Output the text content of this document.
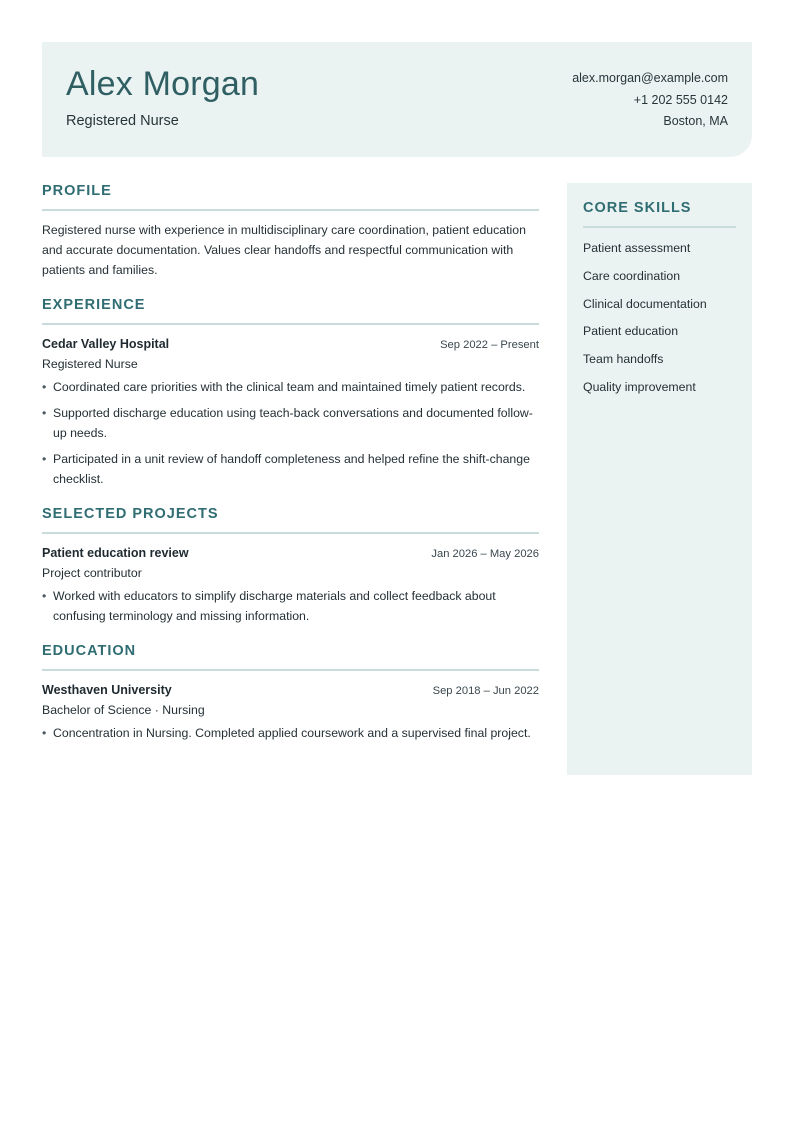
Alex Morgan
Registered Nurse
alex.morgan@example.com
+1 202 555 0142
Boston, MA
PROFILE
Registered nurse with experience in multidisciplinary care coordination, patient education and accurate documentation. Values clear handoffs and respectful communication with patients and families.
EXPERIENCE
Cedar Valley Hospital	Sep 2022 – Present
Registered Nurse
• Coordinated care priorities with the clinical team and maintained timely patient records.
• Supported discharge education using teach-back conversations and documented follow-up needs.
• Participated in a unit review of handoff completeness and helped refine the shift-change checklist.
SELECTED PROJECTS
Patient education review	Jan 2026 – May 2026
Project contributor
• Worked with educators to simplify discharge materials and collect feedback about confusing terminology and missing information.
EDUCATION
Westhaven University	Sep 2018 – Jun 2022
Bachelor of Science · Nursing
• Concentration in Nursing. Completed applied coursework and a supervised final project.
CORE SKILLS
Patient assessment
Care coordination
Clinical documentation
Patient education
Team handoffs
Quality improvement
